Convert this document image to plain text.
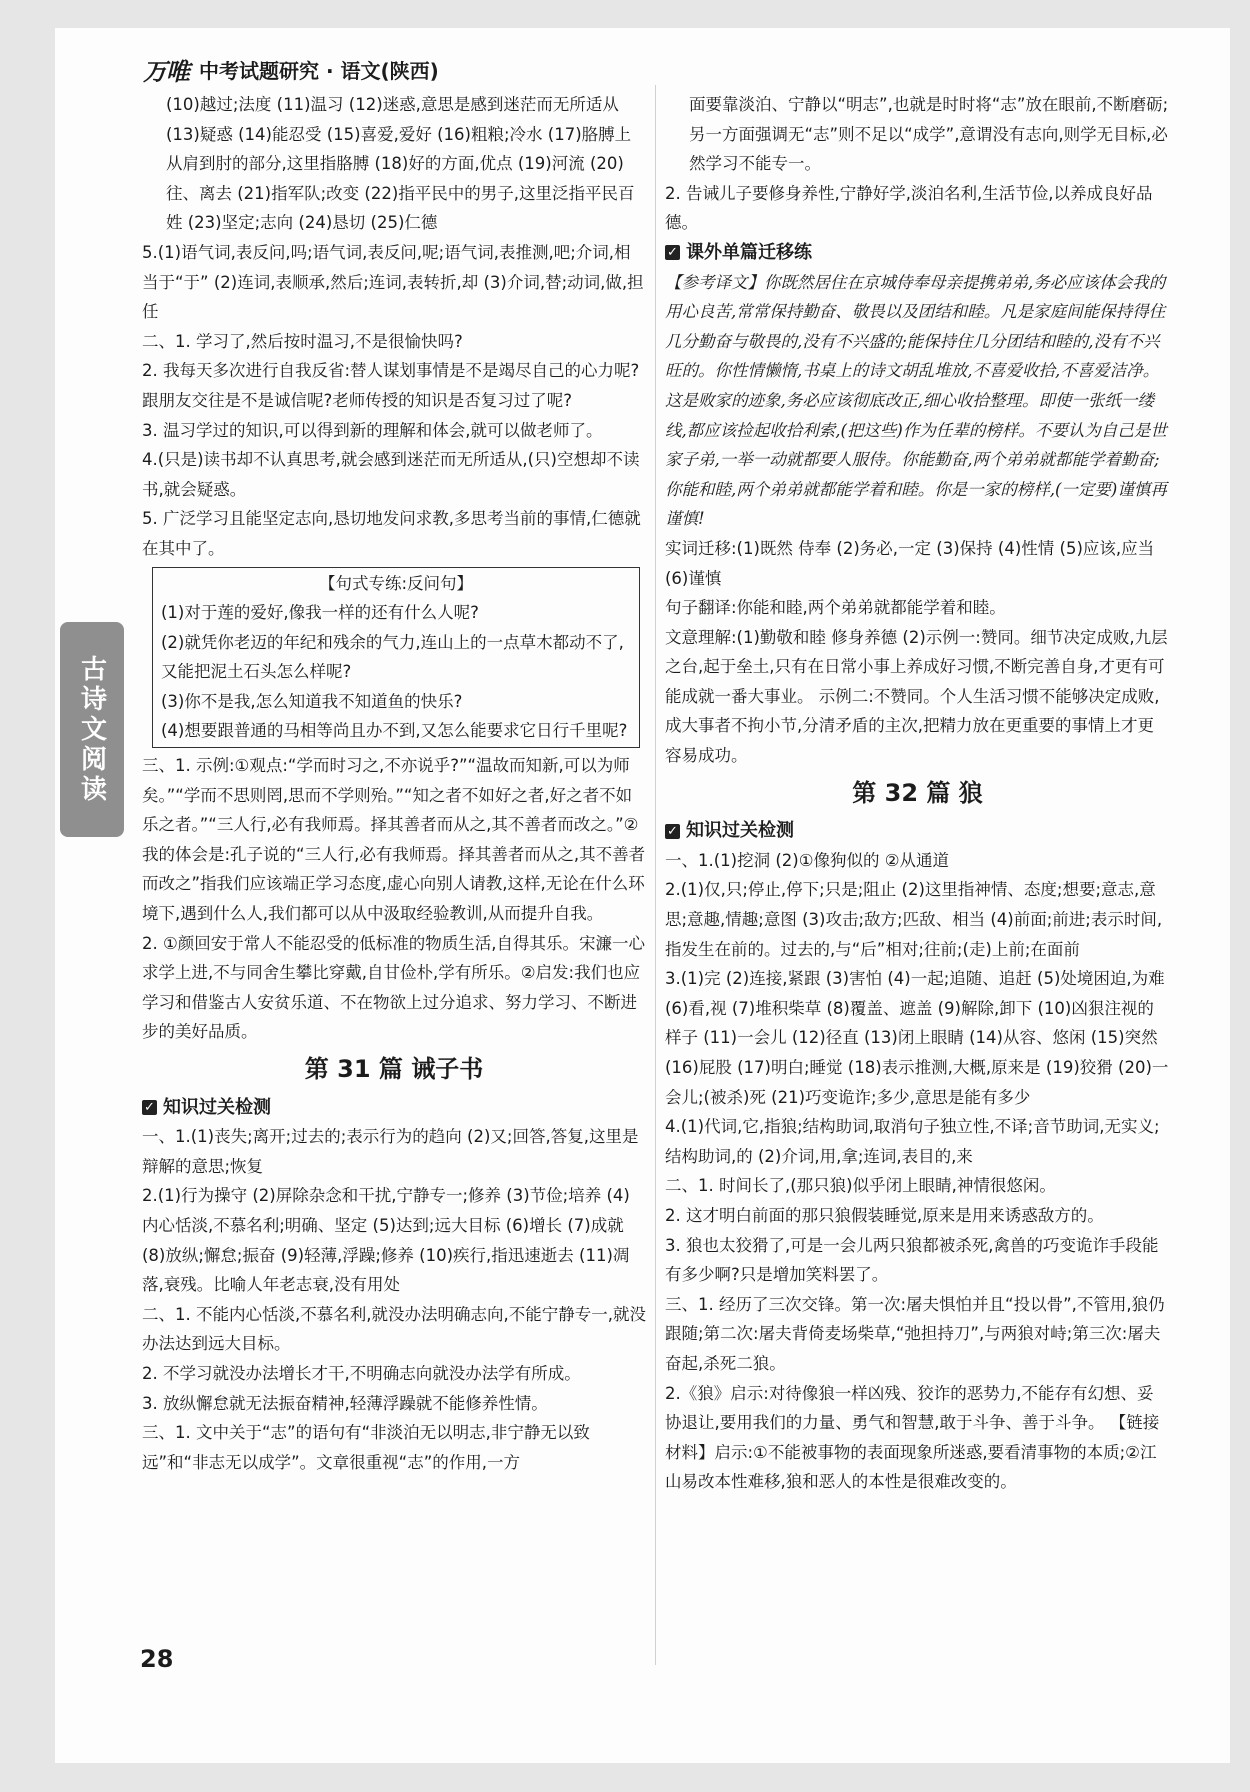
万唯 中考试题研究 · 语文(陕西)
古诗文阅读

(10)越过;法度 (11)温习 (12)迷惑,意思是感到迷茫而无所适从 (13)疑惑 (14)能忍受 (15)喜爱,爱好 (16)粗粮;冷水 (17)胳膊上从肩到肘的部分,这里指胳膊 (18)好的方面,优点 (19)河流 (20)往、离去 (21)指军队;改变 (22)指平民中的男子,这里泛指平民百姓 (23)坚定;志向 (24)恳切 (25)仁德

5.(1)语气词,表反问,吗;语气词,表反问,呢;语气词,表推测,吧;介词,相当于“于” (2)连词,表顺承,然后;连词,表转折,却 (3)介词,替;动词,做,担任

二、1. 学习了,然后按时温习,不是很愉快吗?

2. 我每天多次进行自我反省:替人谋划事情是不是竭尽自己的心力呢?跟朋友交往是不是诚信呢?老师传授的知识是否复习过了呢?

3. 温习学过的知识,可以得到新的理解和体会,就可以做老师了。

4.(只是)读书却不认真思考,就会感到迷茫而无所适从,(只)空想却不读书,就会疑惑。

5. 广泛学习且能坚定志向,恳切地发问求教,多思考当前的事情,仁德就在其中了。

【句式专练:反问句】

(1)对于莲的爱好,像我一样的还有什么人呢?

(2)就凭你老迈的年纪和残余的气力,连山上的一点草木都动不了,又能把泥土石头怎么样呢?

(3)你不是我,怎么知道我不知道鱼的快乐?

(4)想要跟普通的马相等尚且办不到,又怎么能要求它日行千里呢?

三、1. 示例:①观点:“学而时习之,不亦说乎?”“温故而知新,可以为师矣。”“学而不思则罔,思而不学则殆。”“知之者不如好之者,好之者不如乐之者。”“三人行,必有我师焉。择其善者而从之,其不善者而改之。”②我的体会是:孔子说的“三人行,必有我师焉。择其善者而从之,其不善者而改之”指我们应该端正学习态度,虚心向别人请教,这样,无论在什么环境下,遇到什么人,我们都可以从中汲取经验教训,从而提升自我。

2. ①颜回安于常人不能忍受的低标准的物质生活,自得其乐。宋濂一心求学上进,不与同舍生攀比穿戴,自甘俭朴,学有所乐。②启发:我们也应学习和借鉴古人安贫乐道、不在物欲上过分追求、努力学习、不断进步的美好品质。

第 31 篇 诫子书
✓ 知识过关检测

一、1.(1)丧失;离开;过去的;表示行为的趋向 (2)又;回答,答复,这里是辩解的意思;恢复

2.(1)行为操守 (2)屏除杂念和干扰,宁静专一;修养 (3)节俭;培养 (4)内心恬淡,不慕名利;明确、坚定 (5)达到;远大目标 (6)增长 (7)成就 (8)放纵;懈怠;振奋 (9)轻薄,浮躁;修养 (10)疾行,指迅速逝去 (11)凋落,衰残。比喻人年老志衰,没有用处

二、1. 不能内心恬淡,不慕名利,就没办法明确志向,不能宁静专一,就没办法达到远大目标。

2. 不学习就没办法增长才干,不明确志向就没办法学有所成。

3. 放纵懈怠就无法振奋精神,轻薄浮躁就不能修养性情。

三、1. 文中关于“志”的语句有“非淡泊无以明志,非宁静无以致远”和“非志无以成学”。文章很重视“志”的作用,一方

面要靠淡泊、宁静以“明志”,也就是时时将“志”放在眼前,不断磨砺;另一方面强调无“志”则不足以“成学”,意谓没有志向,则学无目标,必然学习不能专一。

2. 告诫儿子要修身养性,宁静好学,淡泊名利,生活节俭,以养成良好品德。

✓ 课外单篇迁移练

【参考译文】你既然居住在京城侍奉母亲提携弟弟,务必应该体会我的用心良苦,常常保持勤奋、敬畏以及团结和睦。凡是家庭间能保持得住几分勤奋与敬畏的,没有不兴盛的;能保持住几分团结和睦的,没有不兴旺的。你性情懒惰,书桌上的诗文胡乱堆放,不喜爱收拾,不喜爱洁净。这是败家的迹象,务必应该彻底改正,细心收拾整理。即使一张纸一缕线,都应该捡起收拾利索,(把这些)作为任辈的榜样。不要认为自己是世家子弟,一举一动就都要人服侍。你能勤奋,两个弟弟就都能学着勤奋;你能和睦,两个弟弟就都能学着和睦。你是一家的榜样,(一定要)谨慎再谨慎!

实词迁移:(1)既然 侍奉 (2)务必,一定 (3)保持 (4)性情 (5)应该,应当 (6)谨慎

句子翻译:你能和睦,两个弟弟就都能学着和睦。

文意理解:(1)勤敬和睦 修身养德 (2)示例一:赞同。细节决定成败,九层之台,起于垒土,只有在日常小事上养成好习惯,不断完善自身,才更有可能成就一番大事业。 示例二:不赞同。个人生活习惯不能够决定成败,成大事者不拘小节,分清矛盾的主次,把精力放在更重要的事情上才更容易成功。

第 32 篇 狼
✓ 知识过关检测

一、1.(1)挖洞 (2)①像狗似的 ②从通道

2.(1)仅,只;停止,停下;只是;阻止 (2)这里指神情、态度;想要;意志,意思;意趣,情趣;意图 (3)攻击;敌方;匹敌、相当 (4)前面;前进;表示时间,指发生在前的。过去的,与“后”相对;往前;(走)上前;在面前

3.(1)完 (2)连接,紧跟 (3)害怕 (4)一起;追随、追赶 (5)处境困迫,为难 (6)看,视 (7)堆积柴草 (8)覆盖、遮盖 (9)解除,卸下 (10)凶狠注视的样子 (11)一会儿 (12)径直 (13)闭上眼睛 (14)从容、悠闲 (15)突然 (16)屁股 (17)明白;睡觉 (18)表示推测,大概,原来是 (19)狡猾 (20)一会儿;(被杀)死 (21)巧变诡诈;多少,意思是能有多少

4.(1)代词,它,指狼;结构助词,取消句子独立性,不译;音节助词,无实义;结构助词,的 (2)介词,用,拿;连词,表目的,来

二、1. 时间长了,(那只狼)似乎闭上眼睛,神情很悠闲。

2. 这才明白前面的那只狼假装睡觉,原来是用来诱惑敌方的。

3. 狼也太狡猾了,可是一会儿两只狼都被杀死,禽兽的巧变诡诈手段能有多少啊?只是增加笑料罢了。

三、1. 经历了三次交锋。第一次:屠夫惧怕并且“投以骨”,不管用,狼仍跟随;第二次:屠夫背倚麦场柴草,“弛担持刀”,与两狼对峙;第三次:屠夫奋起,杀死二狼。

2.《狼》启示:对待像狼一样凶残、狡诈的恶势力,不能存有幻想、妥协退让,要用我们的力量、勇气和智慧,敢于斗争、善于斗争。 【链接材料】启示:①不能被事物的表面现象所迷惑,要看清事物的本质;②江山易改本性难移,狼和恶人的本性是很难改变的。

28
